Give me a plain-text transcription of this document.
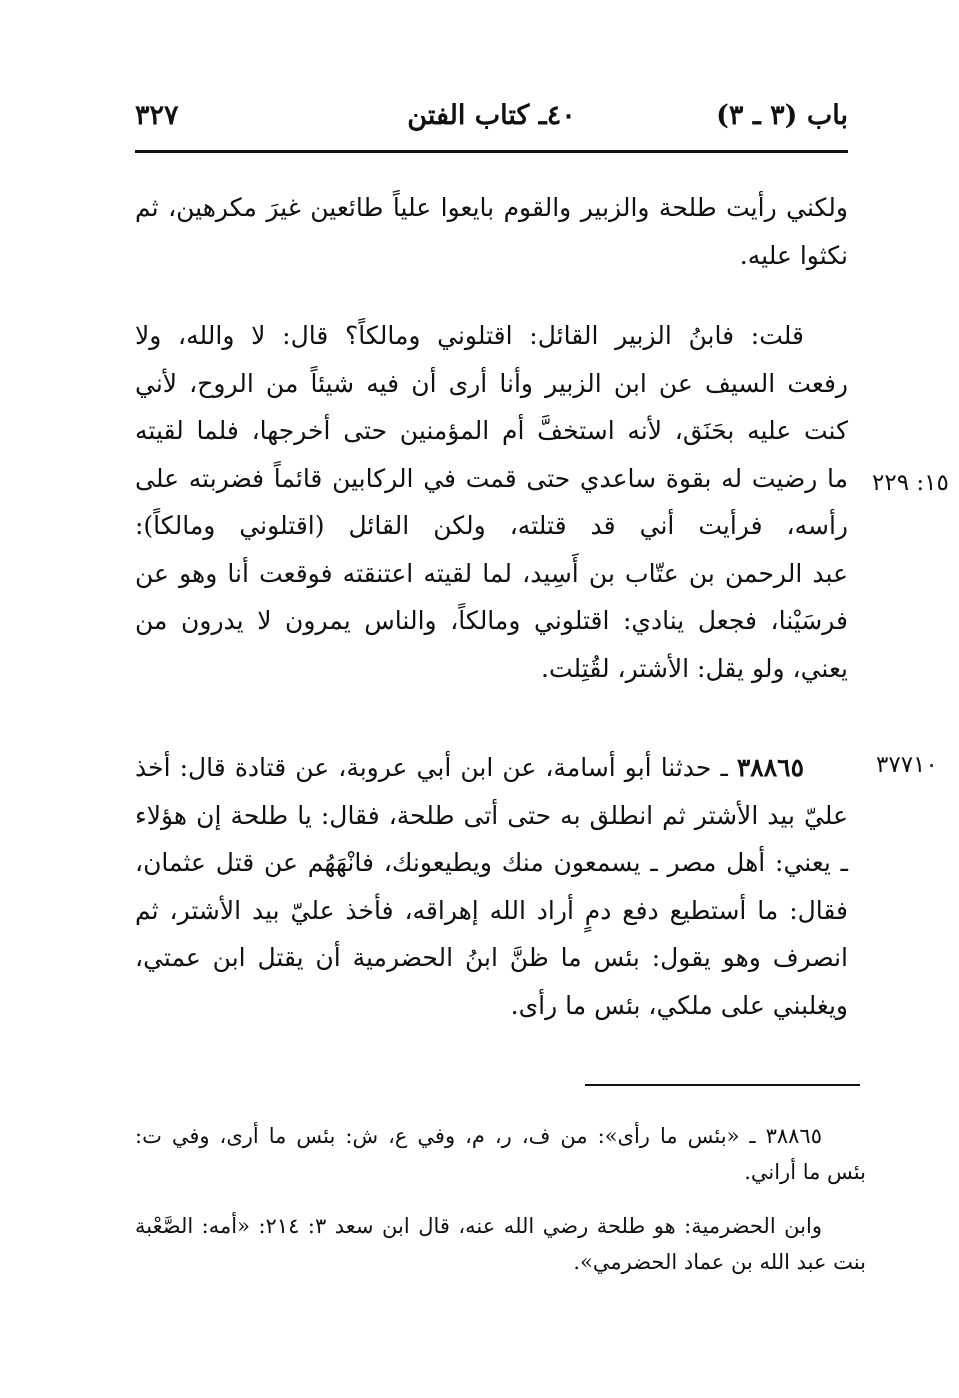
باب (٣ ـ ٣)
٤٠ـ كتاب الفتن
٣٢٧
ولكني رأيت طلحة والزبير والقوم بايعوا علياً طائعين غيرَ مكرهين، ثم
نكثوا عليه.
قلت: فابنُ الزبير القائل: اقتلوني ومالكاً؟ قال: لا والله، ولا
رفعت السيف عن ابن الزبير وأنا أرى أن فيه شيئاً من الروح، لأني
كنت عليه بحَنَق، لأنه استخفَّ أم المؤمنين حتى أخرجها، فلما لقيته
ما رضيت له بقوة ساعدي حتى قمت في الركابين قائماً فضربته على
رأسه، فرأيت أني قد قتلته، ولكن القائل (اقتلوني ومالكاً):
عبد الرحمن بن عتّاب بن أَسِيد، لما لقيته اعتنقته فوقعت أنا وهو عن
فرسَيْنا، فجعل ينادي: اقتلوني ومالكاً، والناس يمرون لا يدرون من
يعني، ولو يقل: الأشتر، لقُتِلت.
١٥: ٢٢٩
٣٨٨٦٥ ـ حدثنا أبو أسامة، عن ابن أبي عروبة، عن قتادة قال: أخذ
عليّ بيد الأشتر ثم انطلق به حتى أتى طلحة، فقال: يا طلحة إن هؤلاء
ـ يعني: أهل مصر ـ يسمعون منك ويطيعونك، فانْهَهُم عن قتل عثمان،
فقال: ما أستطيع دفع دمٍ أراد الله إهراقه، فأخذ عليّ بيد الأشتر، ثم
انصرف وهو يقول: بئس ما ظنَّ ابنُ الحضرمية أن يقتل ابن عمتي،
ويغلبني على ملكي، بئس ما رأى.
٣٧٧١٠
٣٨٨٦٥ ـ «بئس ما رأى»: من ف، ر، م، وفي ع، ش: بئس ما أرى، وفي ت:
بئس ما أراني.
وابن الحضرمية: هو طلحة رضي الله عنه، قال ابن سعد ٣: ٢١٤: «أمه: الصَّعْبة
بنت عبد الله بن عماد الحضرمي».
